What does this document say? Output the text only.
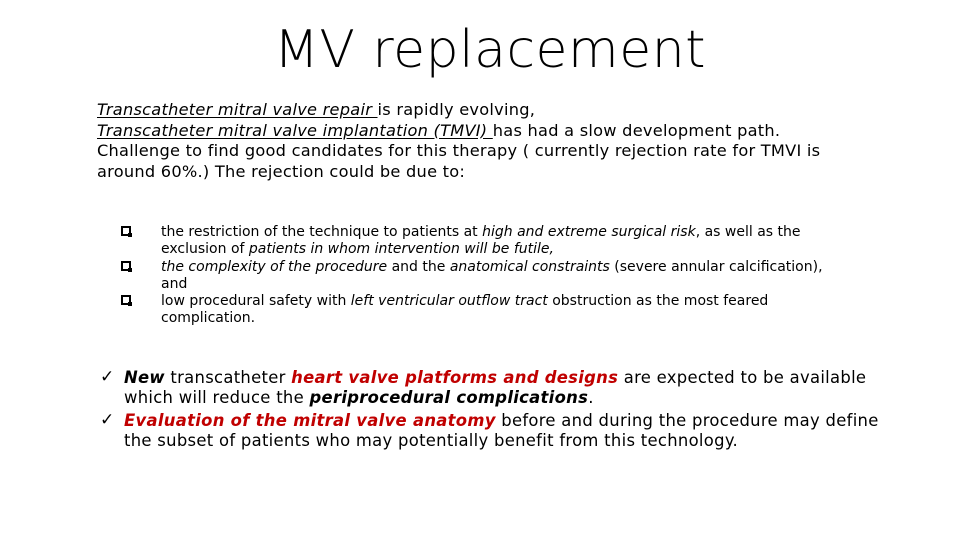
MV replacement

Transcatheter mitral valve repair is rapidly evolving,

Transcatheter mitral valve implantation (TMVI) has had a slow development path.

Challenge to find good candidates for this therapy ( currently rejection rate for TMVI is around 60%.) The rejection could be due to:

the restriction of the technique to patients at high and extreme surgical risk, as well as the exclusion of patients in whom intervention will be futile,
the complexity of the procedure and the anatomical constraints (severe annular calcification), and
low procedural safety with left ventricular outflow tract obstruction as the most feared complication.
✓ New transcatheter heart valve platforms and designs are expected to be available which will reduce the periprocedural complications.
✓ Evaluation of the mitral valve anatomy before and during the procedure may define the subset of patients who may potentially benefit from this technology.
